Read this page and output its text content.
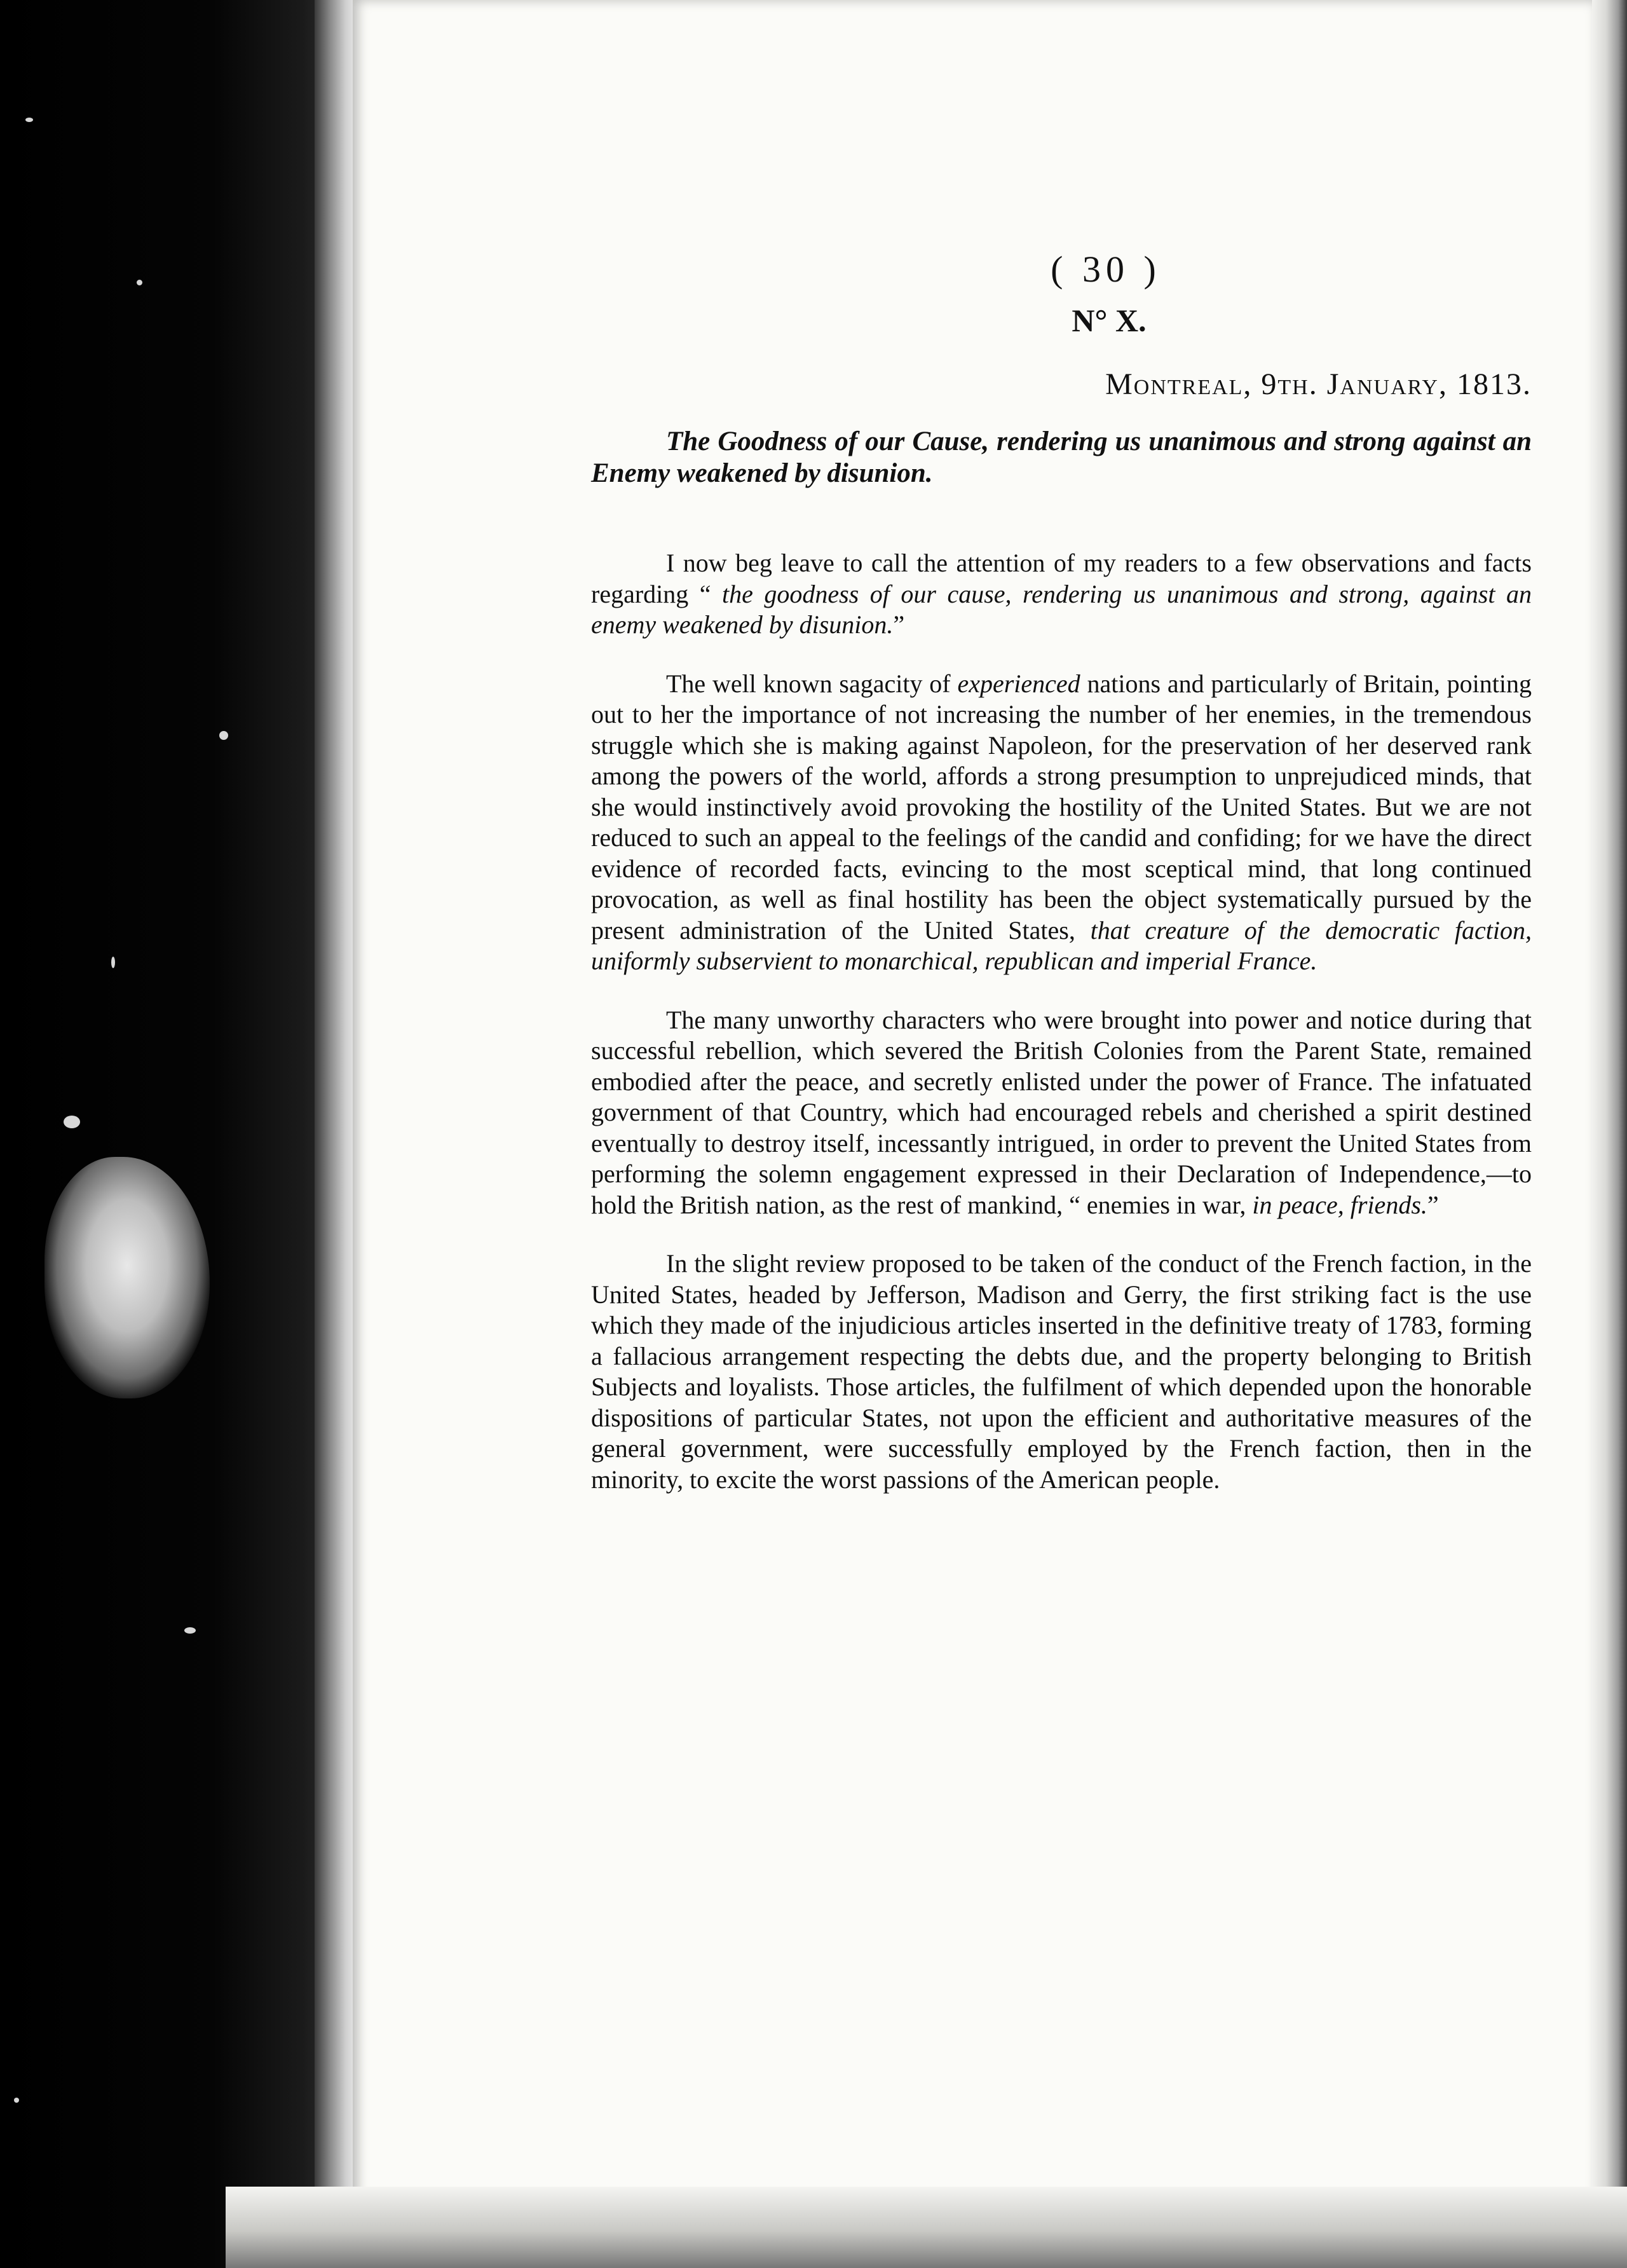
( 30 )
N° X.
Montreal, 9th. January, 1813.
The Goodness of our Cause, rendering us unanimous and strong against an Enemy weakened by disunion.

I now beg leave to call the attention of my readers to a few observations and facts regarding “ the goodness of our cause, rendering us unanimous and strong, against an enemy weakened by disunion.”

The well known sagacity of experienced nations and particularly of Britain, pointing out to her the importance of not increasing the number of her enemies, in the tremendous struggle which she is making against Napoleon, for the preservation of her deserved rank among the powers of the world, affords a strong presumption to unprejudiced minds, that she would instinctively avoid provoking the hostility of the United States. But we are not reduced to such an appeal to the feelings of the candid and confiding; for we have the direct evidence of recorded facts, evincing to the most sceptical mind, that long continued provocation, as well as final hostility has been the object systematically pursued by the present administration of the United States, that creature of the democratic faction, uniformly subservient to monarchical, republican and imperial France.

The many unworthy characters who were brought into power and notice during that successful rebellion, which severed the British Colonies from the Parent State, remained embodied after the peace, and secretly enlisted under the power of France. The infatuated government of that Country, which had encouraged rebels and cherished a spirit destined eventually to destroy itself, incessantly intrigued, in order to prevent the United States from performing the solemn engagement expressed in their Declaration of Independence,—to hold the British nation, as the rest of mankind, “ enemies in war, in peace, friends.”

In the slight review proposed to be taken of the conduct of the French faction, in the United States, headed by Jefferson, Madison and Gerry, the first striking fact is the use which they made of the injudicious articles inserted in the definitive treaty of 1783, forming a fallacious arrangement respecting the debts due, and the property belonging to British Subjects and loyalists. Those articles, the fulfilment of which depended upon the honorable dispositions of particular States, not upon the efficient and authoritative measures of the general government, were successfully employed by the French faction, then in the minority, to excite the worst passions of the American people.
